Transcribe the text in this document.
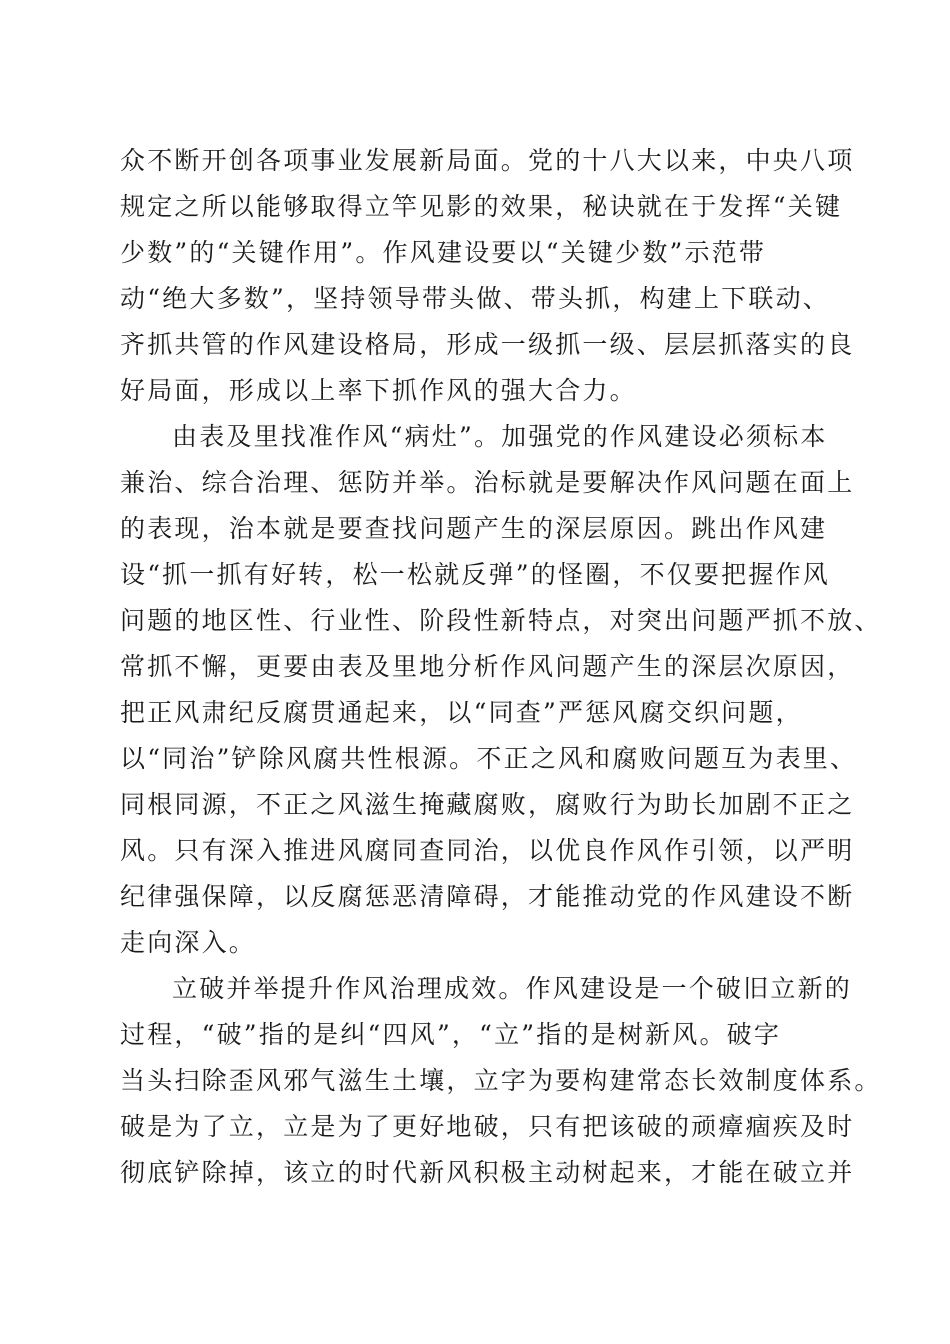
众不断开创各项事业发展新局面。党的十八大以来，中央八项
规定之所以能够取得立竿见影的效果，秘诀就在于发挥“关键
少数”的“关键作用”。作风建设要以“关键少数”示范带
动“绝大多数”，坚持领导带头做、带头抓，构建上下联动、
齐抓共管的作风建设格局，形成一级抓一级、层层抓落实的良
好局面，形成以上率下抓作风的强大合力。
由表及里找准作风“病灶”。加强党的作风建设必须标本
兼治、综合治理、惩防并举。治标就是要解决作风问题在面上
的表现，治本就是要查找问题产生的深层原因。跳出作风建
设“抓一抓有好转，松一松就反弹”的怪圈，不仅要把握作风
问题的地区性、行业性、阶段性新特点，对突出问题严抓不放、
常抓不懈，更要由表及里地分析作风问题产生的深层次原因，
把正风肃纪反腐贯通起来，以“同查”严惩风腐交织问题，
以“同治”铲除风腐共性根源。不正之风和腐败问题互为表里、
同根同源，不正之风滋生掩藏腐败，腐败行为助长加剧不正之
风。只有深入推进风腐同查同治，以优良作风作引领，以严明
纪律强保障，以反腐惩恶清障碍，才能推动党的作风建设不断
走向深入。
立破并举提升作风治理成效。作风建设是一个破旧立新的
过程，“破”指的是纠“四风”，“立”指的是树新风。破字
当头扫除歪风邪气滋生土壤，立字为要构建常态长效制度体系。
破是为了立，立是为了更好地破，只有把该破的顽瘴痼疾及时
彻底铲除掉，该立的时代新风积极主动树起来，才能在破立并
